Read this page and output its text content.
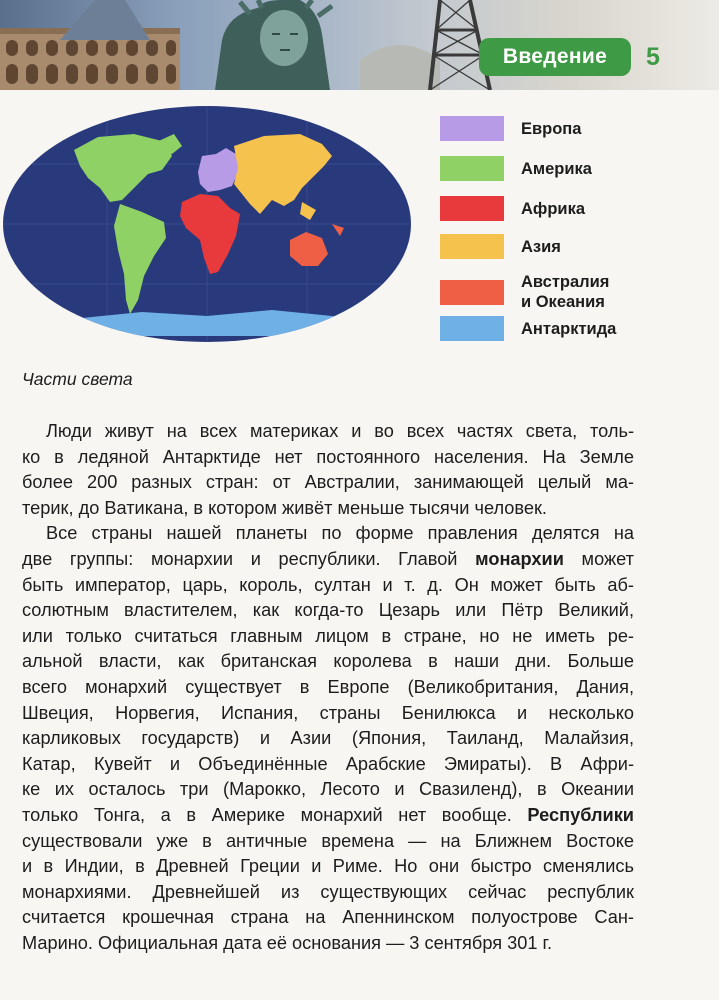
Введение	5
Европа
Америка
Африка
Азия
Австралия
и Океания
Антарктида
Части света
Люди живут на всех материках и во всех частях света, толь-
ко в ледяной Антарктиде нет постоянного населения. На Земле
более 200 разных стран: от Австралии, занимающей целый ма-
терик, до Ватикана, в котором живёт меньше тысячи человек.
Все страны нашей планеты по форме правления делятся на
две группы: монархии и республики. Главой монархии может
быть император, царь, король, султан и т. д. Он может быть аб-
солютным властителем, как когда-то Цезарь или Пётр Великий,
или только считаться главным лицом в стране, но не иметь ре-
альной власти, как британская королева в наши дни. Больше
всего монархий существует в Европе (Великобритания, Дания,
Швеция, Норвегия, Испания, страны Бенилюкса и несколько
карликовых государств) и Азии (Япония, Таиланд, Малайзия,
Катар, Кувейт и Объединённые Арабские Эмираты). В Афри-
ке их осталось три (Марокко, Лесото и Свазиленд), в Океании
только Тонга, а в Америке монархий нет вообще. Республики
существовали уже в античные времена — на Ближнем Востоке
и в Индии, в Древней Греции и Риме. Но они быстро сменялись
монархиями. Древнейшей из существующих сейчас республик
считается крошечная страна на Апеннинском полуострове Сан-
Марино. Официальная дата её основания — 3 сентября 301 г.
